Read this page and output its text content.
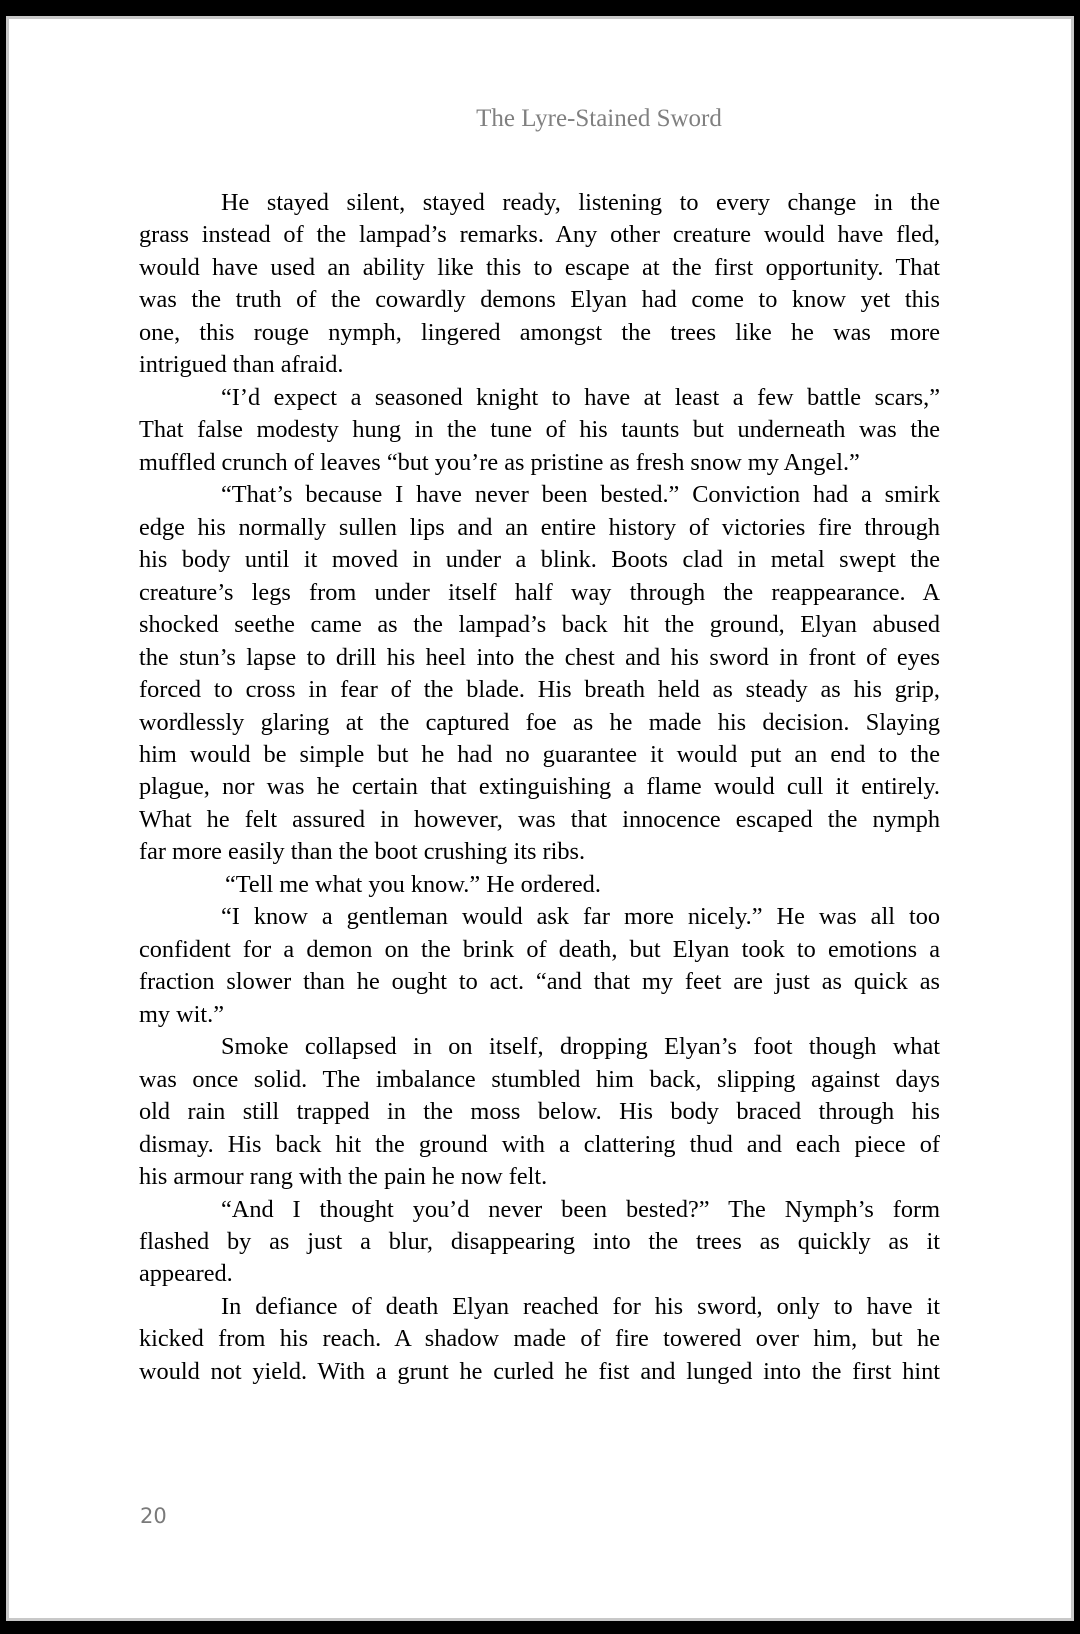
The Lyre-Stained Sword
He stayed silent, stayed ready, listening to every change in the
grass instead of the lampad’s remarks. Any other creature would have fled,
would have used an ability like this to escape at the first opportunity. That
was the truth of the cowardly demons Elyan had come to know yet this
one, this rouge nymph, lingered amongst the trees like he was more
intrigued than afraid.
“I’d expect a seasoned knight to have at least a few battle scars,”
That false modesty hung in the tune of his taunts but underneath was the
muffled crunch of leaves “but you’re as pristine as fresh snow my Angel.”
“That’s because I have never been bested.” Conviction had a smirk
edge his normally sullen lips and an entire history of victories fire through
his body until it moved in under a blink. Boots clad in metal swept the
creature’s legs from under itself half way through the reappearance. A
shocked seethe came as the lampad’s back hit the ground, Elyan abused
the stun’s lapse to drill his heel into the chest and his sword in front of eyes
forced to cross in fear of the blade. His breath held as steady as his grip,
wordlessly glaring at the captured foe as he made his decision. Slaying
him would be simple but he had no guarantee it would put an end to the
plague, nor was he certain that extinguishing a flame would cull it entirely.
What he felt assured in however, was that innocence escaped the nymph
far more easily than the boot crushing its ribs.
“Tell me what you know.” He ordered.
“I know a gentleman would ask far more nicely.” He was all too
confident for a demon on the brink of death, but Elyan took to emotions a
fraction slower than he ought to act. “and that my feet are just as quick as
my wit.”
Smoke collapsed in on itself, dropping Elyan’s foot though what
was once solid. The imbalance stumbled him back, slipping against days
old rain still trapped in the moss below. His body braced through his
dismay. His back hit the ground with a clattering thud and each piece of
his armour rang with the pain he now felt.
“And I thought you’d never been bested?” The Nymph’s form
flashed by as just a blur, disappearing into the trees as quickly as it
appeared.
In defiance of death Elyan reached for his sword, only to have it
kicked from his reach. A shadow made of fire towered over him, but he
would not yield. With a grunt he curled he fist and lunged into the first hint
20
